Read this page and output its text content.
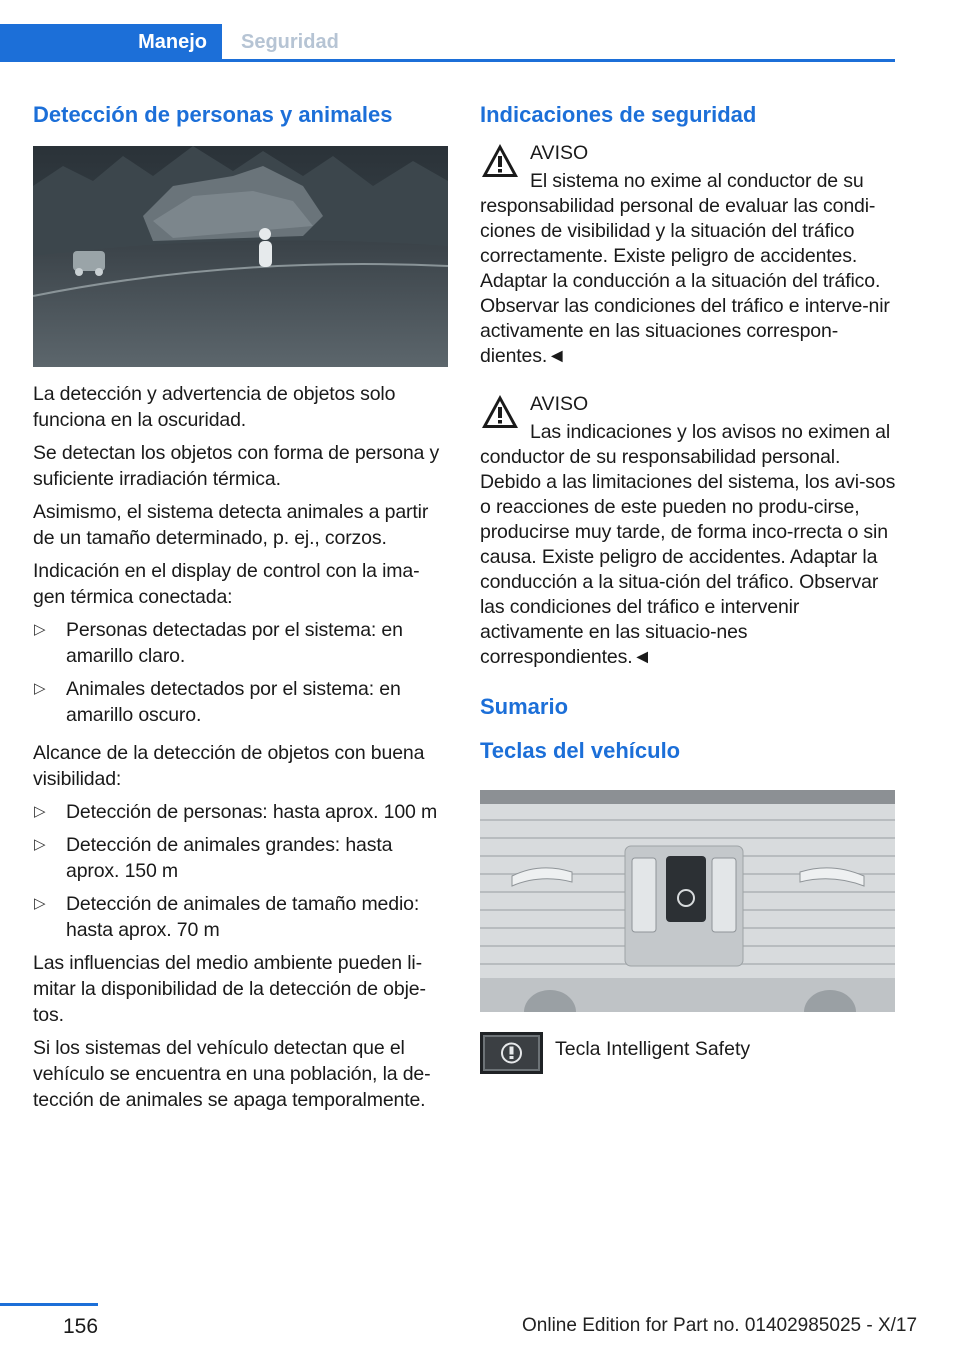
Manejo	Seguridad
Detección de personas y animales

La detección y advertencia de objetos solo funciona en la oscuridad.

Se detectan los objetos con forma de persona y suficiente irradiación térmica.

Asimismo, el sistema detecta animales a partir de un tamaño determinado, p. ej., corzos.

Indicación en el display de control con la ima‐gen térmica conectada:

▷ Personas detectadas por el sistema: en amarillo claro.
▷ Animales detectados por el sistema: en amarillo oscuro.

Alcance de la detección de objetos con buena visibilidad:

▷ Detección de personas: hasta aprox. 100 m
▷ Detección de animales grandes: hasta aprox. 150 m
▷ Detección de animales de tamaño medio: hasta aprox. 70 m

Las influencias del medio ambiente pueden li‐mitar la disponibilidad de la detección de obje‐tos.

Si los sistemas del vehículo detectan que el vehículo se encuentra en una población, la de‐tección de animales se apaga temporalmente.

Indicaciones de seguridad
AVISO

El sistema no exime al conductor de su responsabilidad personal de evaluar las condi‐ciones de visibilidad y la situación del tráfico correctamente. Existe peligro de accidentes. Adaptar la conducción a la situación del tráfico. Observar las condiciones del tráfico e interve‐nir activamente en las situaciones correspon‐dientes.◄

AVISO

Las indicaciones y los avisos no eximen al conductor de su responsabilidad personal. Debido a las limitaciones del sistema, los avi‐sos o reacciones de este pueden no produ‐cirse, producirse muy tarde, de forma inco‐rrecta o sin causa. Existe peligro de accidentes. Adaptar la conducción a la situa‐ción del tráfico. Observar las condiciones del tráfico e intervenir activamente en las situacio‐nes correspondientes.◄

Sumario
Teclas del vehículo
Tecla Intelligent Safety
156	Online Edition for Part no. 01402985025 - X/17
